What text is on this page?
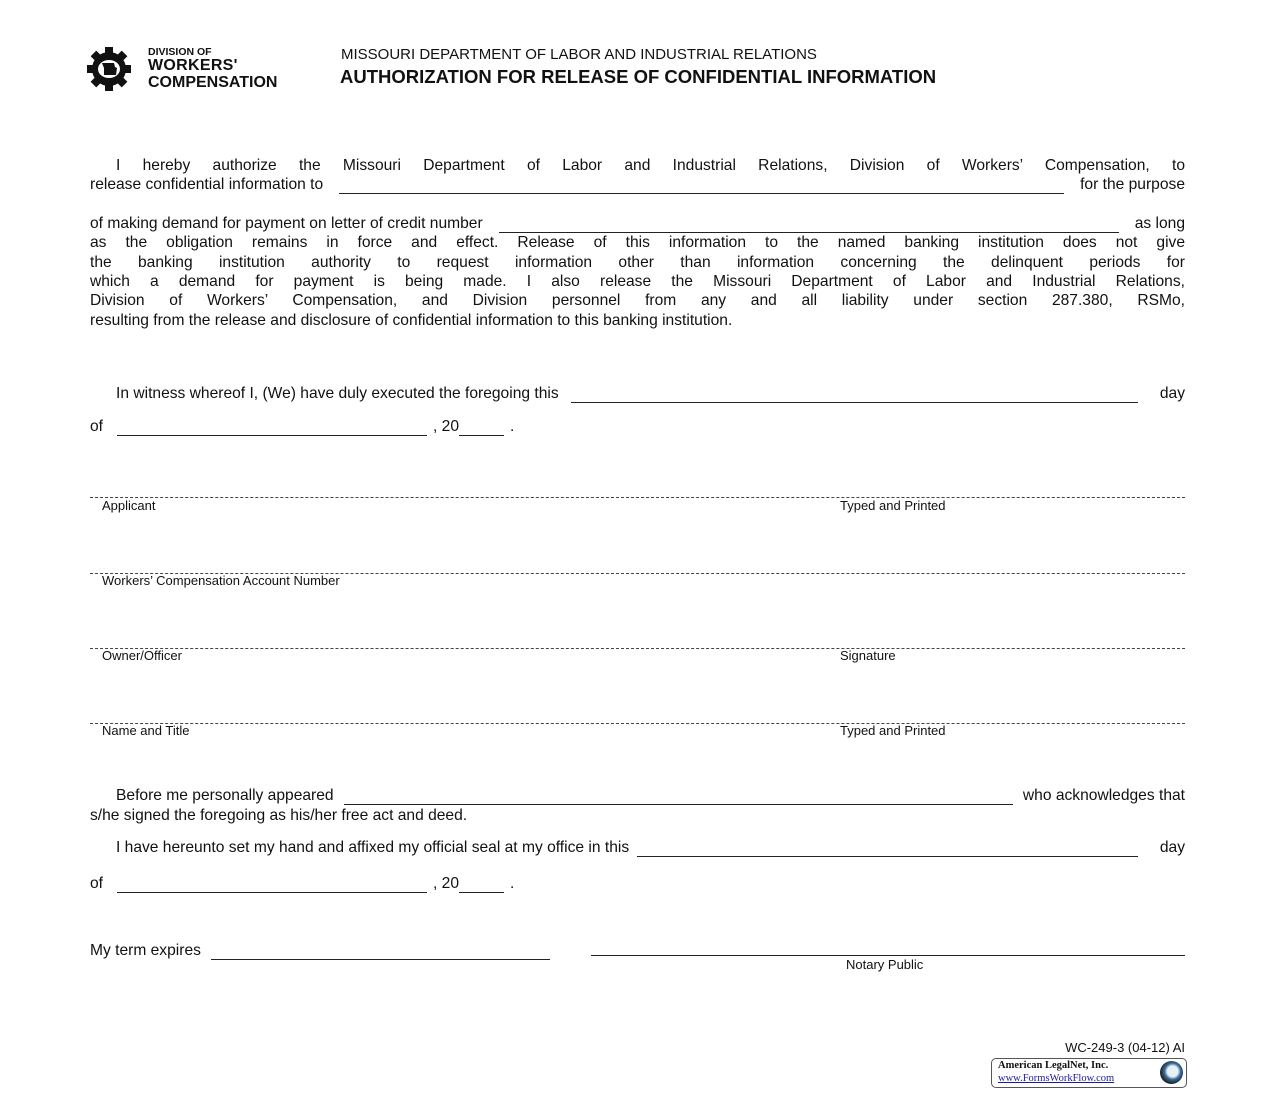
DIVISION OF
WORKERS'
COMPENSATION
MISSOURI DEPARTMENT OF LABOR AND INDUSTRIAL RELATIONS
AUTHORIZATION FOR RELEASE OF CONFIDENTIAL INFORMATION
I hereby authorize the Missouri Department of Labor and Industrial Relations, Division of Workers’ Compensation, to
release confidential information to	for the purpose
of making demand for payment on letter of credit number	as long
as the obligation remains in force and effect. Release of this information to the named banking institution does not give
the banking institution authority to request information other than information concerning the delinquent periods for
which a demand for payment is being made. I also release the Missouri Department of Labor and Industrial Relations,
Division of Workers’ Compensation, and Division personnel from any and all liability under section 287.380, RSMo,
resulting from the release and disclosure of confidential information to this banking institution.
In witness whereof I, (We) have duly executed the foregoing this	day
of	, 20	.
Applicant	Typed and Printed
Workers’ Compensation Account Number
Owner/Officer	Signature
Name and Title	Typed and Printed
Before me personally appeared	who acknowledges that
s/he signed the foregoing as his/her free act and deed.
I have hereunto set my hand and affixed my official seal at my office in this	day
of	, 20	.
My term expires
Notary Public
WC-249-3 (04-12) AI
American LegalNet, Inc.
www.FormsWorkFlow.com
